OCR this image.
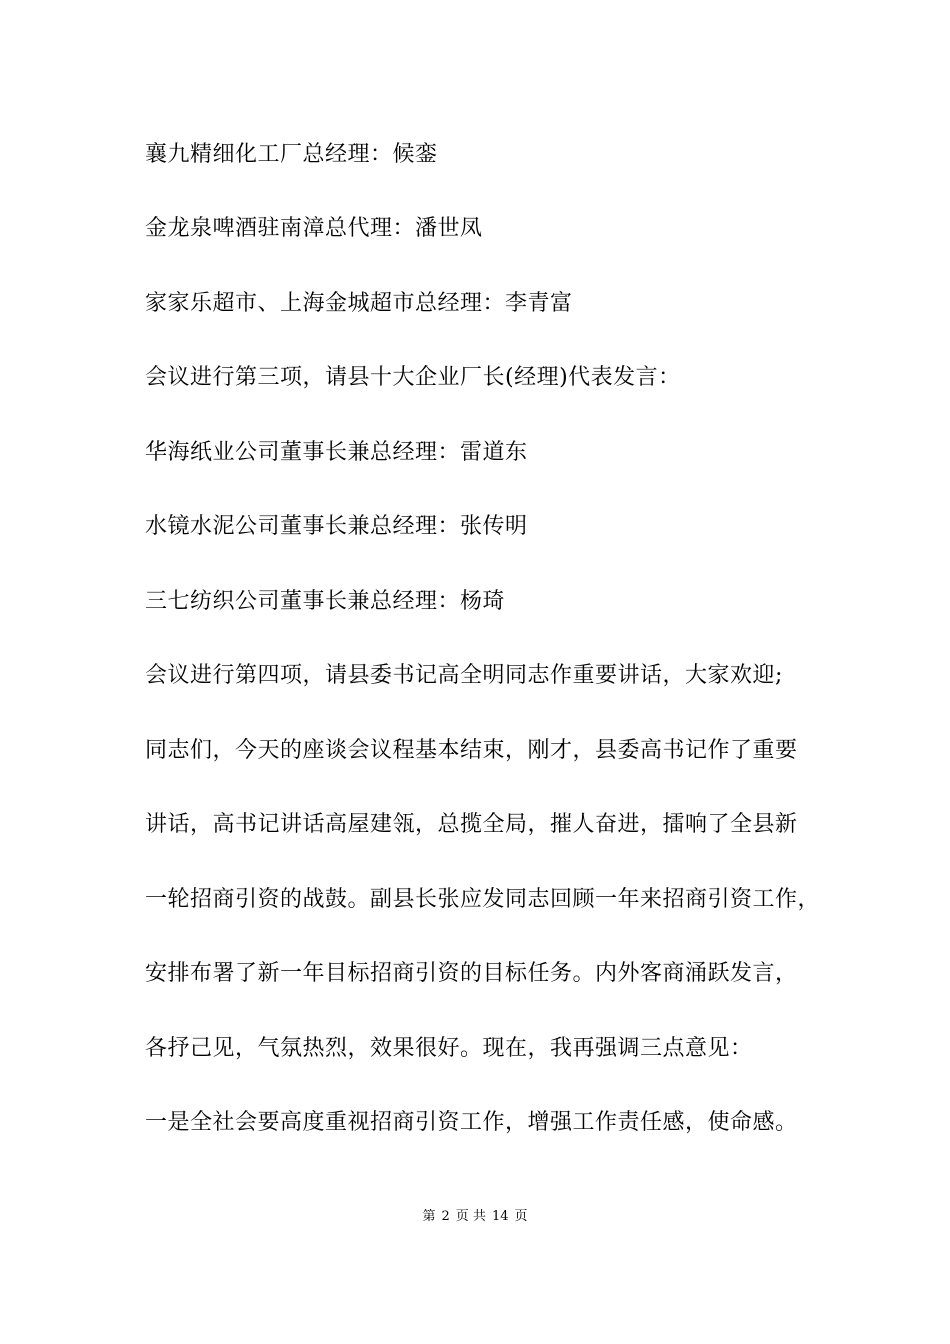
襄九精细化工厂总经理：候銮
金龙泉啤酒驻南漳总代理：潘世凤
家家乐超市、上海金城超市总经理：李青富
会议进行第三项，请县十大企业厂长(经理)代表发言：
华海纸业公司董事长兼总经理：雷道东
水镜水泥公司董事长兼总经理：张传明
三七纺织公司董事长兼总经理：杨琦
会议进行第四项，请县委书记高全明同志作重要讲话，大家欢迎;
同志们，今天的座谈会议程基本结束，刚才，县委高书记作了重要
讲话，高书记讲话高屋建瓴，总揽全局，摧人奋进，擂响了全县新
一轮招商引资的战鼓。副县长张应发同志回顾一年来招商引资工作，
安排布署了新一年目标招商引资的目标任务。内外客商涌跃发言，
各抒己见，气氛热烈，效果很好。现在，我再强调三点意见：
一是全社会要高度重视招商引资工作，增强工作责任感，使命感。
第 2 页 共 14 页
